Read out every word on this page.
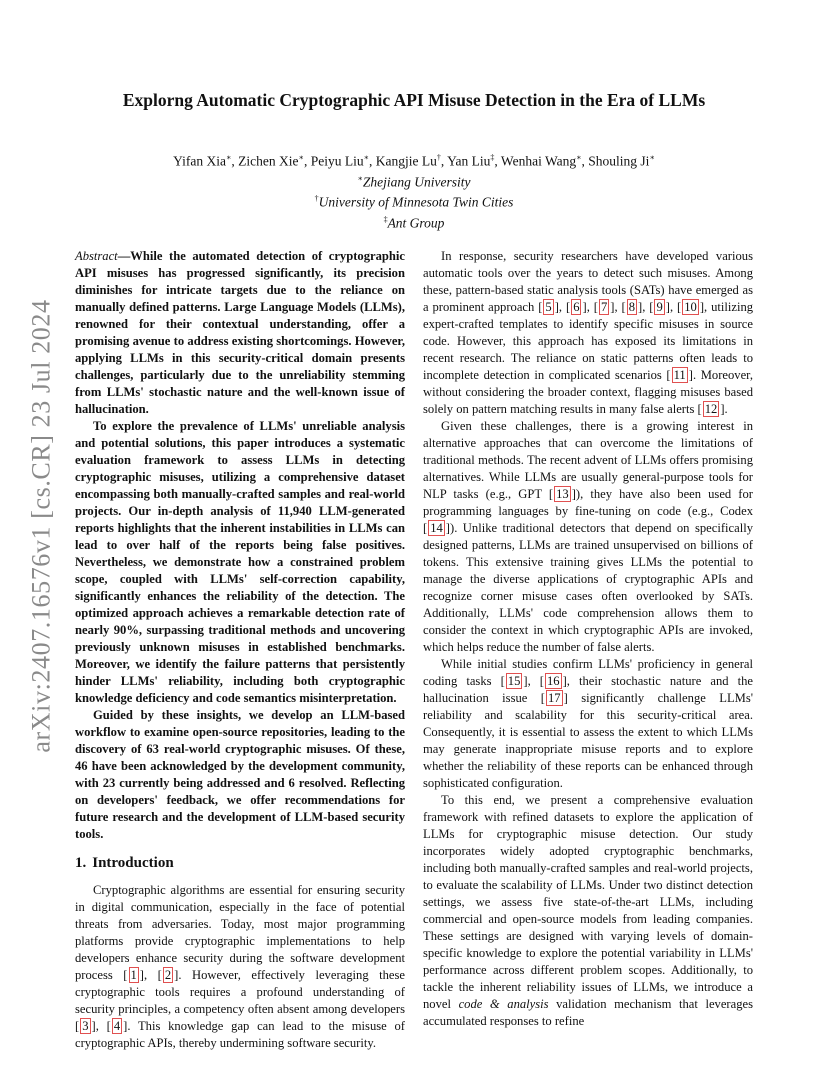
arXiv:2407.16576v1 [cs.CR] 23 Jul 2024
Explorng Automatic Cryptographic API Misuse Detection in the Era of LLMs
Yifan Xia∗, Zichen Xie∗, Peiyu Liu∗, Kangjie Lu†, Yan Liu‡, Wenhai Wang∗, Shouling Ji∗
∗Zhejiang University
†University of Minnesota Twin Cities
‡Ant Group

Abstract—While the automated detection of cryptographic API misuses has progressed significantly, its precision diminishes for intricate targets due to the reliance on manually defined patterns. Large Language Models (LLMs), renowned for their contextual understanding, offer a promising avenue to address existing shortcomings. However, applying LLMs in this security-critical domain presents challenges, particularly due to the unreliability stemming from LLMs' stochastic nature and the well-known issue of hallucination.

To explore the prevalence of LLMs' unreliable analysis and potential solutions, this paper introduces a systematic evaluation framework to assess LLMs in detecting cryptographic misuses, utilizing a comprehensive dataset encompassing both manually-crafted samples and real-world projects. Our in-depth analysis of 11,940 LLM-generated reports highlights that the inherent instabilities in LLMs can lead to over half of the reports being false positives. Nevertheless, we demonstrate how a constrained problem scope, coupled with LLMs' self-correction capability, significantly enhances the reliability of the detection. The optimized approach achieves a remarkable detection rate of nearly 90%, surpassing traditional methods and uncovering previously unknown misuses in established benchmarks. Moreover, we identify the failure patterns that persistently hinder LLMs' reliability, including both cryptographic knowledge deficiency and code semantics misinterpretation.

Guided by these insights, we develop an LLM-based workflow to examine open-source repositories, leading to the discovery of 63 real-world cryptographic misuses. Of these, 46 have been acknowledged by the development community, with 23 currently being addressed and 6 resolved. Reflecting on developers' feedback, we offer recommendations for future research and the development of LLM-based security tools.

1. Introduction

Cryptographic algorithms are essential for ensuring security in digital communication, especially in the face of potential threats from adversaries. Today, most major programming platforms provide cryptographic implementations to help developers enhance security during the software development process [ 1 ], [ 2 ]. However, effectively leveraging these cryptographic tools requires a profound understanding of security principles, a competency often absent among developers [ 3 ], [ 4 ]. This knowledge gap can lead to the misuse of cryptographic APIs, thereby undermining software security.

In response, security researchers have developed various automatic tools over the years to detect such misuses. Among these, pattern-based static analysis tools (SATs) have emerged as a prominent approach [ 5 ], [ 6 ], [ 7 ], [ 8 ], [ 9 ], [ 10 ], utilizing expert-crafted templates to identify specific misuses in source code. However, this approach has exposed its limitations in recent research. The reliance on static patterns often leads to incomplete detection in complicated scenarios [ 11 ]. Moreover, without considering the broader context, flagging misuses based solely on pattern matching results in many false alerts [ 12 ].

Given these challenges, there is a growing interest in alternative approaches that can overcome the limitations of traditional methods. The recent advent of LLMs offers promising alternatives. While LLMs are usually general-purpose tools for NLP tasks (e.g., GPT [ 13 ]), they have also been used for programming languages by fine-tuning on code (e.g., Codex [ 14 ]). Unlike traditional detectors that depend on specifically designed patterns, LLMs are trained unsupervised on billions of tokens. This extensive training gives LLMs the potential to manage the diverse applications of cryptographic APIs and recognize corner misuse cases often overlooked by SATs. Additionally, LLMs' code comprehension allows them to consider the context in which cryptographic APIs are invoked, which helps reduce the number of false alerts.

While initial studies confirm LLMs' proficiency in general coding tasks [ 15 ], [ 16 ], their stochastic nature and the hallucination issue [ 17 ] significantly challenge LLMs' reliability and scalability for this security-critical area. Consequently, it is essential to assess the extent to which LLMs may generate inappropriate misuse reports and to explore whether the reliability of these reports can be enhanced through sophisticated configuration.

To this end, we present a comprehensive evaluation framework with refined datasets to explore the application of LLMs for cryptographic misuse detection. Our study incorporates widely adopted cryptographic benchmarks, including both manually-crafted samples and real-world projects, to evaluate the scalability of LLMs. Under two distinct detection settings, we assess five state-of-the-art LLMs, including commercial and open-source models from leading companies. These settings are designed with varying levels of domain-specific knowledge to explore the potential variability in LLMs' performance across different problem scopes. Additionally, to tackle the inherent reliability issues of LLMs, we introduce a novel code & analysis validation mechanism that leverages accumulated responses to refine
